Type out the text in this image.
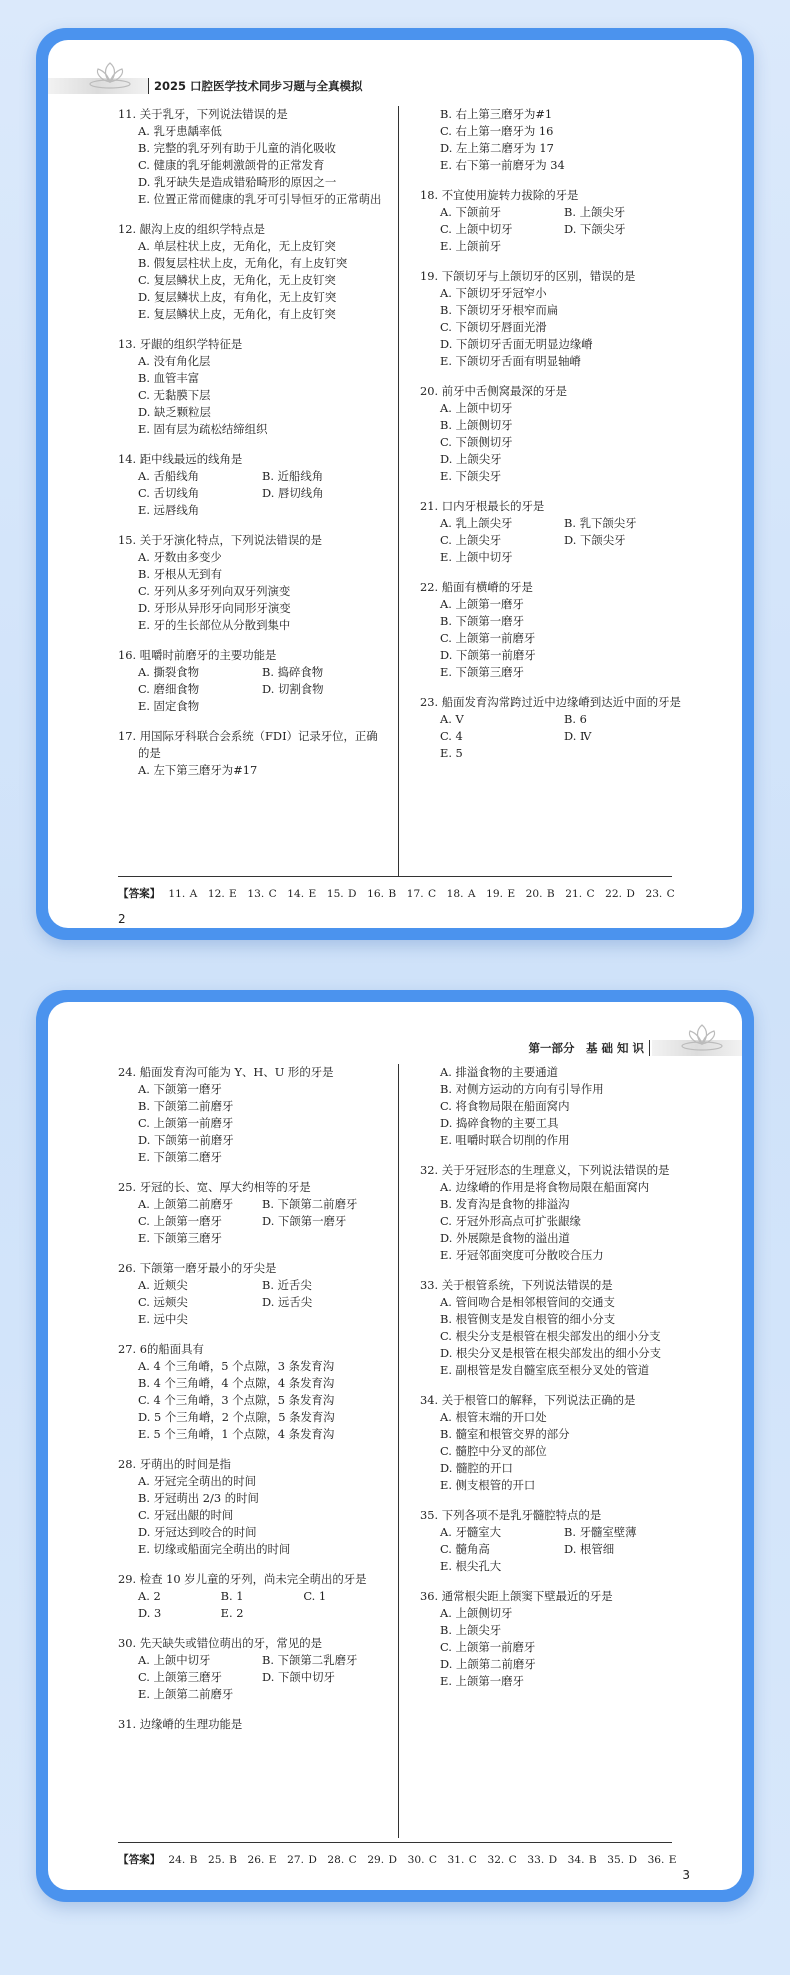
2025 口腔医学技术同步习题与全真模拟
11. 关于乳牙，下列说法错误的是
A. 乳牙患龋率低
B. 完整的乳牙列有助于儿童的消化吸收
C. 健康的乳牙能刺激颌骨的正常发育
D. 乳牙缺失是造成错𬌗畸形的原因之一
E. 位置正常而健康的乳牙可引导恒牙的正常萌出
12. 龈沟上皮的组织学特点是
A. 单层柱状上皮，无角化，无上皮钉突
B. 假复层柱状上皮，无角化，有上皮钉突
C. 复层鳞状上皮，无角化，无上皮钉突
D. 复层鳞状上皮，有角化，无上皮钉突
E. 复层鳞状上皮，无角化，有上皮钉突
13. 牙龈的组织学特征是
A. 没有角化层
B. 血管丰富
C. 无黏膜下层
D. 缺乏颗粒层
E. 固有层为疏松结缔组织
14. 距中线最远的线角是
A. 舌船线角	B. 近船线角
C. 舌切线角	D. 唇切线角
E. 远唇线角
15. 关于牙演化特点，下列说法错误的是
A. 牙数由多变少
B. 牙根从无到有
C. 牙列从多牙列向双牙列演变
D. 牙形从异形牙向同形牙演变
E. 牙的生长部位从分散到集中
16. 咀嚼时前磨牙的主要功能是
A. 撕裂食物	B. 捣碎食物
C. 磨细食物	D. 切割食物
E. 固定食物
17. 用国际牙科联合会系统（FDI）记录牙位，正确的是
A. 左下第三磨牙为#17
B. 右上第三磨牙为#1
C. 右上第一磨牙为 16
D. 左上第二磨牙为 17
E. 右下第一前磨牙为 34
18. 不宜使用旋转力拔除的牙是
A. 下颌前牙	B. 上颌尖牙
C. 上颌中切牙	D. 下颌尖牙
E. 上颌前牙
19. 下颌切牙与上颌切牙的区别，错误的是
A. 下颌切牙牙冠窄小
B. 下颌切牙牙根窄而扁
C. 下颌切牙唇面光滑
D. 下颌切牙舌面无明显边缘嵴
E. 下颌切牙舌面有明显轴嵴
20. 前牙中舌侧窝最深的牙是
A. 上颌中切牙
B. 上颌侧切牙
C. 下颌侧切牙
D. 上颌尖牙
E. 下颌尖牙
21. 口内牙根最长的牙是
A. 乳上颌尖牙	B. 乳下颌尖牙
C. 上颌尖牙	D. 下颌尖牙
E. 上颌中切牙
22. 船面有横嵴的牙是
A. 上颌第一磨牙
B. 下颌第一磨牙
C. 上颌第一前磨牙
D. 下颌第一前磨牙
E. 下颌第三磨牙
23. 船面发育沟常跨过近中边缘嵴到达近中面的牙是
A. V	B. 6
C. 4	D. Ⅳ
E. 5
【答案】 11. A　12. E　13. C　14. E　15. D　16. B　17. C　18. A　19. E　20. B　21. C　22. D　23. C
2
第一部分　基 础 知 识
24. 船面发育沟可能为 Y、H、U 形的牙是
A. 下颌第一磨牙
B. 下颌第二前磨牙
C. 上颌第一前磨牙
D. 下颌第一前磨牙
E. 下颌第二磨牙
25. 牙冠的长、宽、厚大约相等的牙是
A. 上颌第二前磨牙	B. 下颌第二前磨牙
C. 上颌第一磨牙	D. 下颌第一磨牙
E. 下颌第三磨牙
26. 下颌第一磨牙最小的牙尖是
A. 近颊尖	B. 近舌尖
C. 远颊尖	D. 远舌尖
E. 远中尖
27. 6的船面具有
A. 4 个三角嵴，5 个点隙，3 条发育沟
B. 4 个三角嵴，4 个点隙，4 条发育沟
C. 4 个三角嵴，3 个点隙，5 条发育沟
D. 5 个三角嵴，2 个点隙，5 条发育沟
E. 5 个三角嵴，1 个点隙，4 条发育沟
28. 牙萌出的时间是指
A. 牙冠完全萌出的时间
B. 牙冠萌出 2/3 的时间
C. 牙冠出龈的时间
D. 牙冠达到咬合的时间
E. 切缘或船面完全萌出的时间
29. 检查 10 岁儿童的牙列，尚未完全萌出的牙是
A. 2	B. 1	C. 1
D. 3	E. 2
30. 先天缺失或错位萌出的牙，常见的是
A. 上颌中切牙	B. 下颌第二乳磨牙
C. 上颌第三磨牙	D. 下颌中切牙
E. 上颌第二前磨牙
31. 边缘嵴的生理功能是
A. 排溢食物的主要通道
B. 对侧方运动的方向有引导作用
C. 将食物局限在船面窝内
D. 捣碎食物的主要工具
E. 咀嚼时联合切削的作用
32. 关于牙冠形态的生理意义，下列说法错误的是
A. 边缘嵴的作用是将食物局限在船面窝内
B. 发育沟是食物的排溢沟
C. 牙冠外形高点可扩张龈缘
D. 外展隙是食物的溢出道
E. 牙冠邻面突度可分散咬合压力
33. 关于根管系统，下列说法错误的是
A. 管间吻合是相邻根管间的交通支
B. 根管侧支是发自根管的细小分支
C. 根尖分支是根管在根尖部发出的细小分支
D. 根尖分叉是根管在根尖部发出的细小分支
E. 副根管是发自髓室底至根分叉处的管道
34. 关于根管口的解释，下列说法正确的是
A. 根管末端的开口处
B. 髓室和根管交界的部分
C. 髓腔中分叉的部位
D. 髓腔的开口
E. 侧支根管的开口
35. 下列各项不是乳牙髓腔特点的是
A. 牙髓室大	B. 牙髓室壁薄
C. 髓角高	D. 根管细
E. 根尖孔大
36. 通常根尖距上颌窦下壁最近的牙是
A. 上颌侧切牙
B. 上颌尖牙
C. 上颌第一前磨牙
D. 上颌第二前磨牙
E. 上颌第一磨牙
【答案】 24. B　25. B　26. E　27. D　28. C　29. D　30. C　31. C　32. C　33. D　34. B　35. D　36. E
3
